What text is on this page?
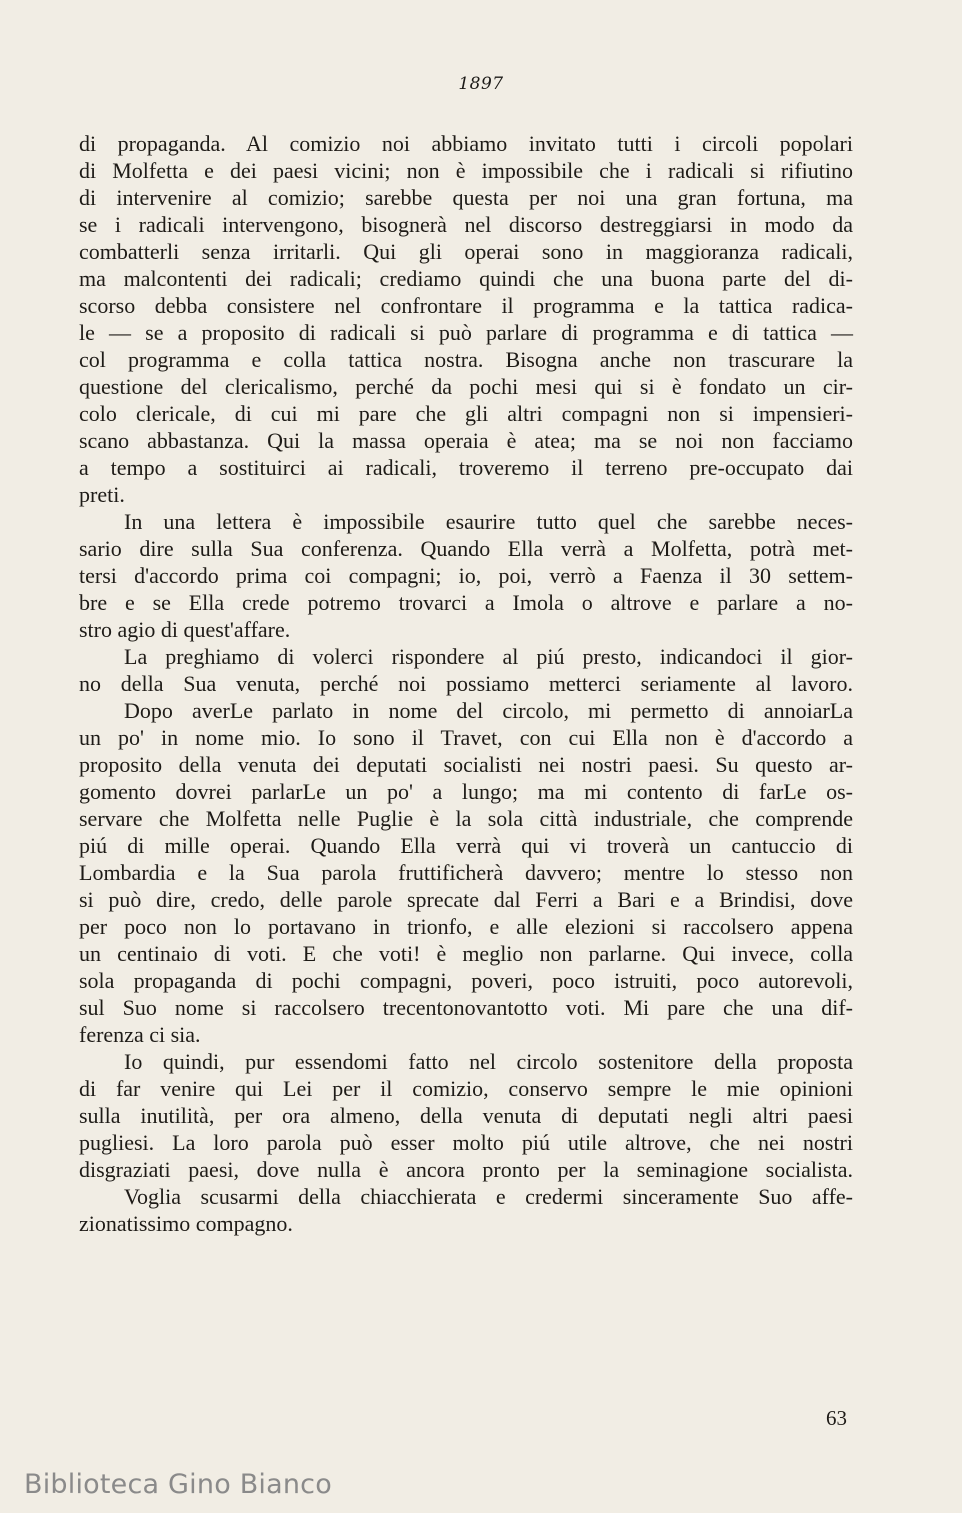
1897
di propaganda. Al comizio noi abbiamo invitato tutti i circoli popolari
di Molfetta e dei paesi vicini; non è impossibile che i radicali si rifiutino
di intervenire al comizio; sarebbe questa per noi una gran fortuna, ma
se i radicali intervengono, bisognerà nel discorso destreggiarsi in modo da
combatterli senza irritarli. Qui gli operai sono in maggioranza radicali,
ma malcontenti dei radicali; crediamo quindi che una buona parte del di-
scorso debba consistere nel confrontare il programma e la tattica radica-
le — se a proposito di radicali si può parlare di programma e di tattica —
col programma e colla tattica nostra. Bisogna anche non trascurare la
questione del clericalismo, perché da pochi mesi qui si è fondato un cir-
colo clericale, di cui mi pare che gli altri compagni non si impensieri-
scano abbastanza. Qui la massa operaia è atea; ma se noi non facciamo
a tempo a sostituirci ai radicali, troveremo il terreno pre-occupato dai
preti.
In una lettera è impossibile esaurire tutto quel che sarebbe neces-
sario dire sulla Sua conferenza. Quando Ella verrà a Molfetta, potrà met-
tersi d'accordo prima coi compagni; io, poi, verrò a Faenza il 30 settem-
bre e se Ella crede potremo trovarci a Imola o altrove e parlare a no-
stro agio di quest'affare.
La preghiamo di volerci rispondere al piú presto, indicandoci il gior-
no della Sua venuta, perché noi possiamo metterci seriamente al lavoro.
Dopo averLe parlato in nome del circolo, mi permetto di annoiarLa
un po' in nome mio. Io sono il Travet, con cui Ella non è d'accordo a
proposito della venuta dei deputati socialisti nei nostri paesi. Su questo ar-
gomento dovrei parlarLe un po' a lungo; ma mi contento di farLe os-
servare che Molfetta nelle Puglie è la sola città industriale, che comprende
piú di mille operai. Quando Ella verrà qui vi troverà un cantuccio di
Lombardia e la Sua parola fruttificherà davvero; mentre lo stesso non
si può dire, credo, delle parole sprecate dal Ferri a Bari e a Brindisi, dove
per poco non lo portavano in trionfo, e alle elezioni si raccolsero appena
un centinaio di voti. E che voti! è meglio non parlarne. Qui invece, colla
sola propaganda di pochi compagni, poveri, poco istruiti, poco autorevoli,
sul Suo nome si raccolsero trecentonovantotto voti. Mi pare che una dif-
ferenza ci sia.
Io quindi, pur essendomi fatto nel circolo sostenitore della proposta
di far venire qui Lei per il comizio, conservo sempre le mie opinioni
sulla inutilità, per ora almeno, della venuta di deputati negli altri paesi
pugliesi. La loro parola può esser molto piú utile altrove, che nei nostri
disgraziati paesi, dove nulla è ancora pronto per la seminagione socialista.
Voglia scusarmi della chiacchierata e credermi sinceramente Suo affe-
zionatissimo compagno.
63
Biblioteca Gino Bianco
